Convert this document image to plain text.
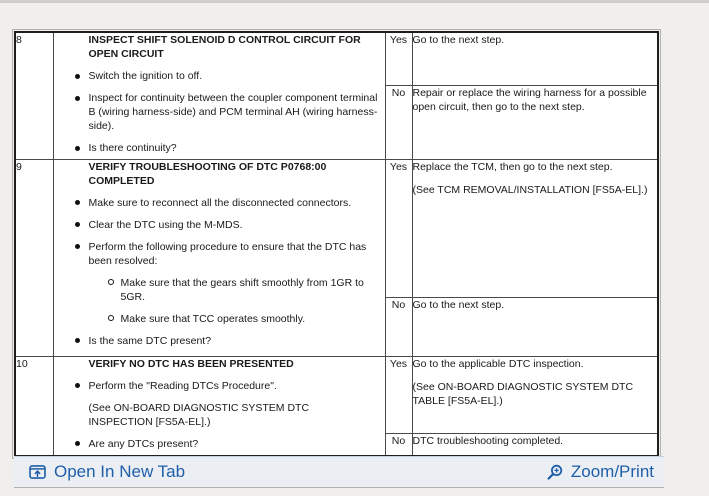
8	INSPECT SHIFT SOLENOID D CONTROL CIRCUIT FOR OPEN CIRCUIT
Switch the ignition to off.
Inspect for continuity between the coupler component terminal B (wiring harness-side) and PCM terminal AH (wiring harness-side).
Is there continuity?	Yes	Go to the next step.

		No	Repair or replace the wiring harness for a possible open circuit, then go to the next step.

9	VERIFY TROUBLESHOOTING OF DTC P0768:00 COMPLETED
Make sure to reconnect all the disconnected connectors.
Clear the DTC using the M-MDS.
Perform the following procedure to ensure that the DTC has been resolved:
Make sure that the gears shift smoothly from 1GR to 5GR.
Make sure that TCC operates smoothly.
Is the same DTC present?
	Yes	Replace the TCM, then go to the next step.
(See TCM REMOVAL/INSTALLATION [FS5A-EL].)

		No	Go to the next step.

10	VERIFY NO DTC HAS BEEN PRESENTED
Perform the "Reading DTCs Procedure".
(See ON-BOARD DIAGNOSTIC SYSTEM DTC INSPECTION [FS5A-EL].)
Are any DTCs present?
	Yes	Go to the applicable DTC inspection.
(See ON-BOARD DIAGNOSTIC SYSTEM DTC TABLE [FS5A-EL].)

		No	DTC troubleshooting completed.
Open In New Tab	Zoom/Print
